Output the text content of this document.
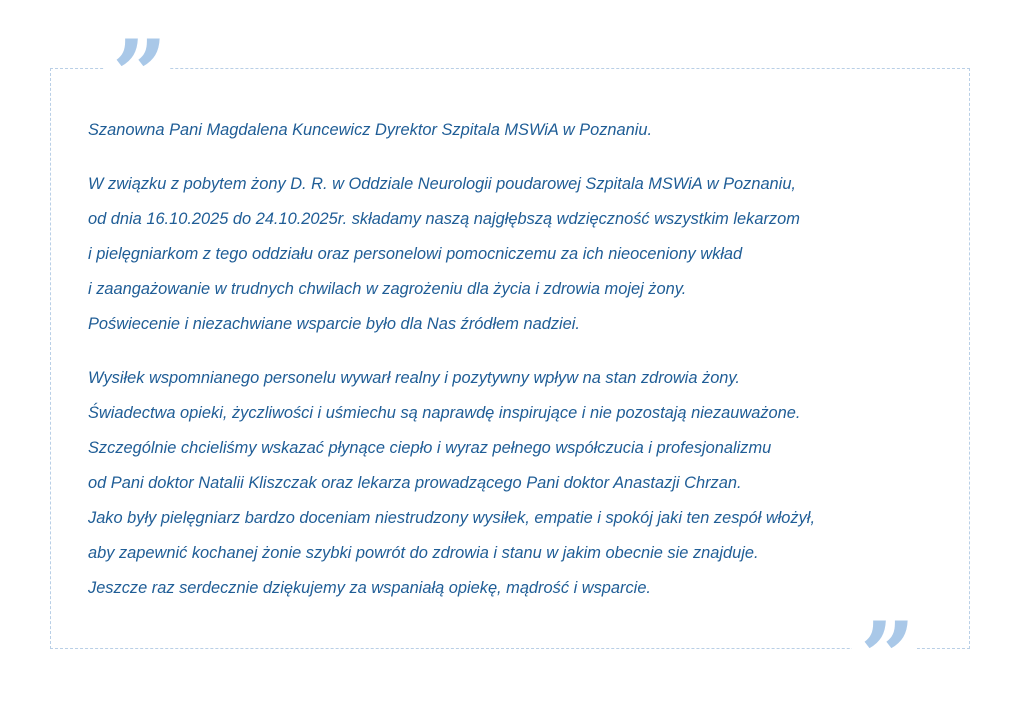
”
”
Szanowna Pani Magdalena Kuncewicz Dyrektor Szpitala MSWiA w Poznaniu.
W związku z pobytem żony D. R. w Oddziale Neurologii poudarowej Szpitala MSWiA w Poznaniu,
od dnia 16.10.2025 do 24.10.2025r. składamy naszą najgłębszą wdzięczność wszystkim lekarzom
i pielęgniarkom z tego oddziału oraz personelowi pomocniczemu za ich nieoceniony wkład
i zaangażowanie w trudnych chwilach w zagrożeniu dla życia i zdrowia mojej żony.
Poświecenie i niezachwiane wsparcie było dla Nas źródłem nadziei.
Wysiłek wspomnianego personelu wywarł realny i pozytywny wpływ na stan zdrowia żony.
Świadectwa opieki, życzliwości i uśmiechu są naprawdę inspirujące i nie pozostają niezauważone.
Szczególnie chcieliśmy wskazać płynące ciepło i wyraz pełnego współczucia i profesjonalizmu
od Pani doktor Natalii Kliszczak oraz lekarza prowadzącego Pani doktor Anastazji Chrzan.
Jako były pielęgniarz bardzo doceniam niestrudzony wysiłek, empatie i spokój jaki ten zespół włożył,
aby zapewnić kochanej żonie szybki powrót do zdrowia i stanu w jakim obecnie sie znajduje.
Jeszcze raz serdecznie dziękujemy za wspaniałą opiekę, mądrość i wsparcie.
